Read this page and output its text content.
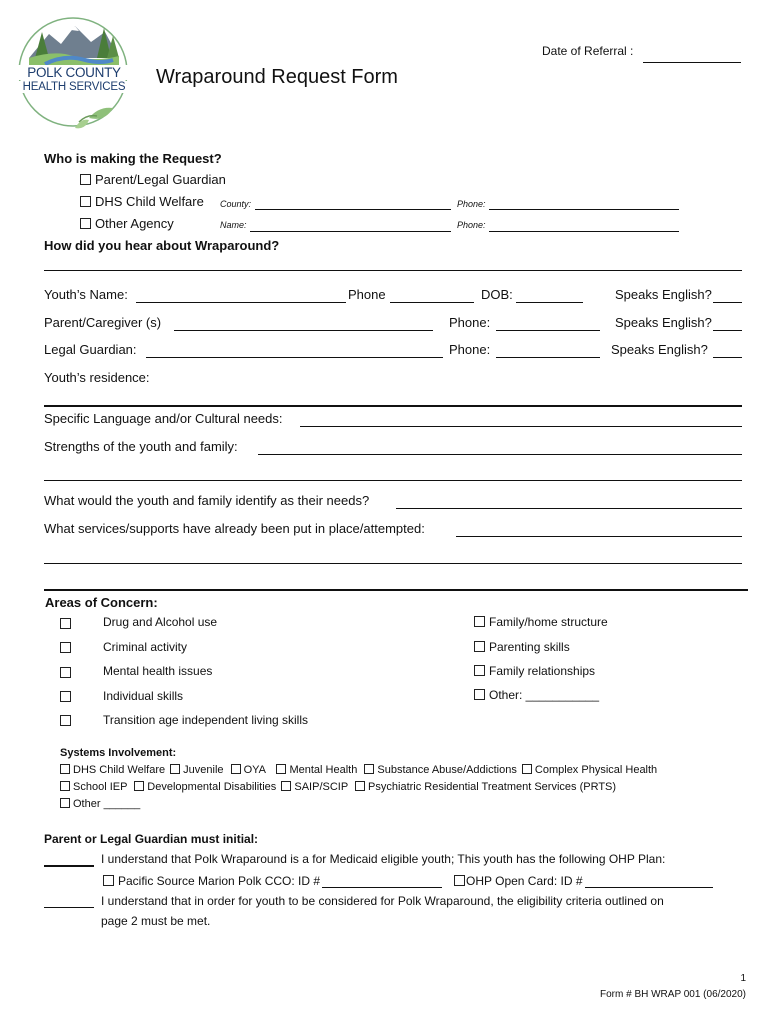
POLK COUNTY
HEALTH SERVICES
Date of Referral :
Wraparound Request Form
Who is making the Request?
Parent/Legal Guardian
DHS Child Welfare
Other Agency
County:	Phone:
Name:	Phone:
How did you hear about Wraparound?
Youth’s Name:	Phone	DOB:	Speaks English?
Parent/Caregiver (s)	Phone:	Speaks English?
Legal Guardian:	Phone:	Speaks English?
Youth’s residence:
Specific Language and/or Cultural needs:
Strengths of the youth and family:
What would the youth and family identify as their needs?
What services/supports have already been put in place/attempted:
Areas of Concern:
Drug and Alcohol use
Criminal activity
Mental health issues
Individual skills
Transition age independent living skills
Family/home structure
Parenting skills
Family relationships
Other: ___________
Systems Involvement:
DHS Child Welfare Juvenile OYA Mental Health Substance Abuse/Addictions Complex Physical Health
School IEP Developmental Disabilities SAIP/SCIP Psychiatric Residential Treatment Services (PRTS)
Other ______
Parent or Legal Guardian must initial:
I understand that Polk Wraparound is a for Medicaid eligible youth; This youth has the following OHP Plan:
Pacific Source Marion Polk CCO: ID #	OHP Open Card: ID #
I understand that in order for youth to be considered for Polk Wraparound, the eligibility criteria outlined on
page 2 must be met.
1
Form # BH WRAP 001 (06/2020)
